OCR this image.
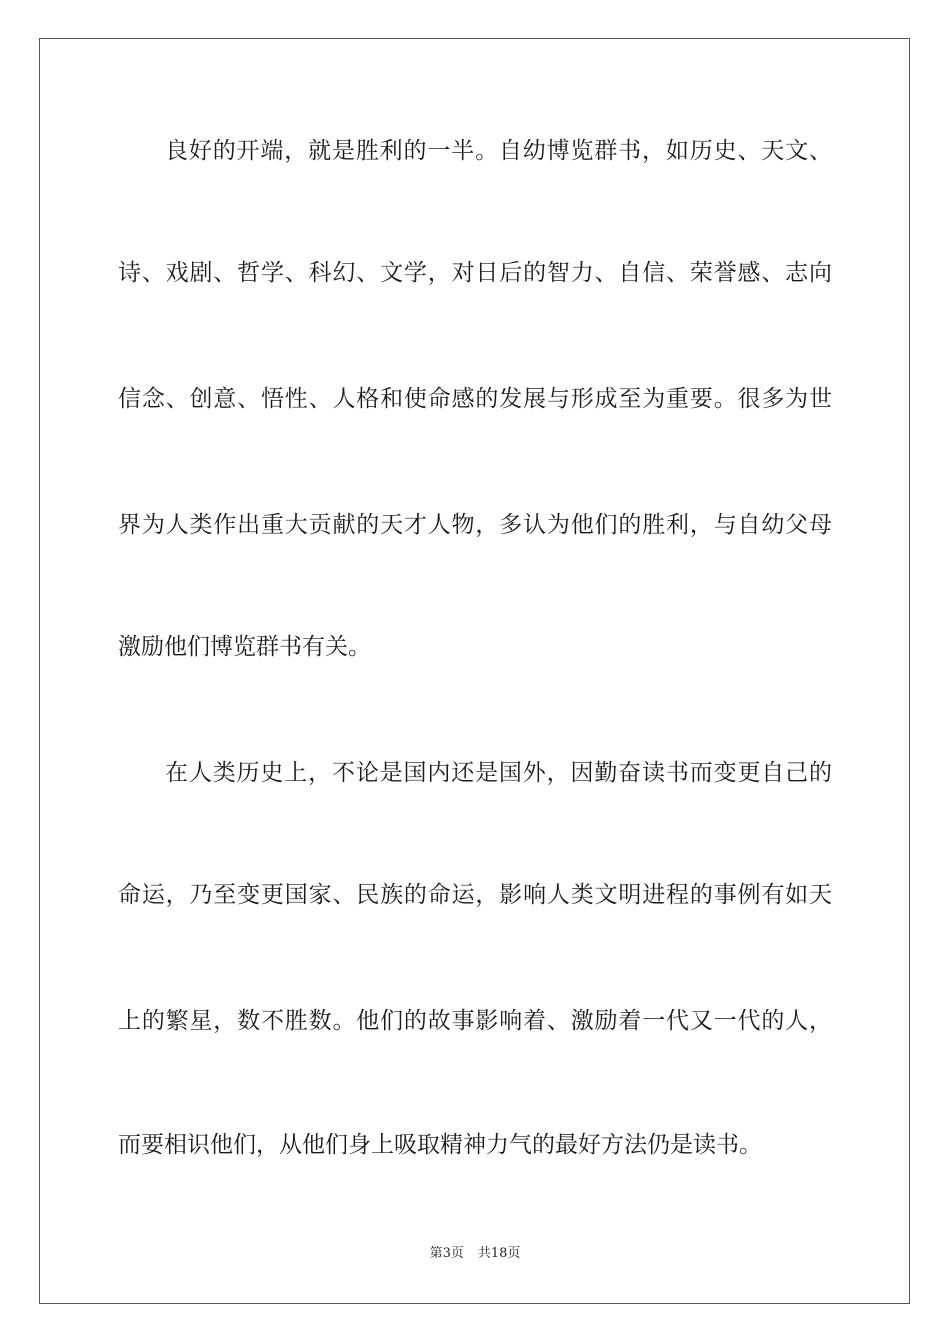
良好的开端，就是胜利的一半。自幼博览群书，如历史、天文、

诗、戏剧、哲学、科幻、文学，对日后的智力、自信、荣誉感、志向

信念、创意、悟性、人格和使命感的发展与形成至为重要。很多为世

界为人类作出重大贡献的天才人物，多认为他们的胜利，与自幼父母

激励他们博览群书有关。

在人类历史上，不论是国内还是国外，因勤奋读书而变更自己的

命运，乃至变更国家、民族的命运，影响人类文明进程的事例有如天

上的繁星，数不胜数。他们的故事影响着、激励着一代又一代的人，

而要相识他们，从他们身上吸取精神力气的最好方法仍是读书。

第3页 共18页
